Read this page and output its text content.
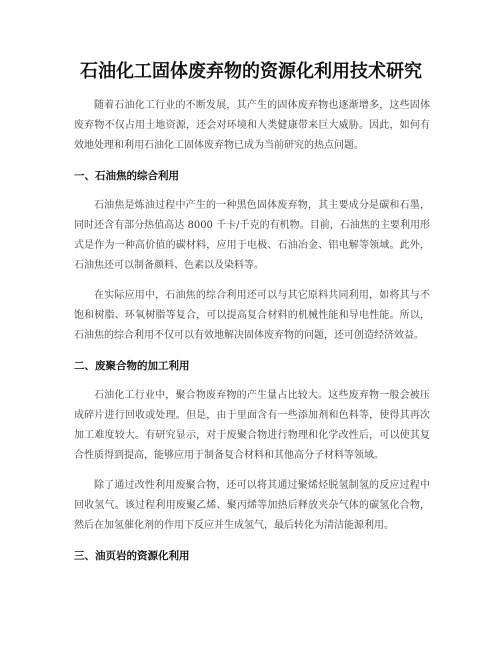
石油化工固体废弃物的资源化利用技术研究

随着石油化工行业的不断发展，其产生的固体废弃物也逐渐增多，这些固体废弃物不仅占用土地资源，还会对环境和人类健康带来巨大威胁。因此，如何有效地处理和利用石油化工固体废弃物已成为当前研究的热点问题。

一、石油焦的综合利用

石油焦是炼油过程中产生的一种黑色固体废弃物，其主要成分是碳和石墨，同时还含有部分热值高达 8000 千卡/千克的有机物。目前，石油焦的主要利用形式是作为一种高价值的碳材料，应用于电极、石油冶金、铝电解等领域。此外，石油焦还可以制备颜料、色素以及染料等。

在实际应用中，石油焦的综合利用还可以与其它原料共同利用，如将其与不饱和树脂、环氧树脂等复合，可以提高复合材料的机械性能和导电性能。所以，石油焦的综合利用不仅可以有效地解决固体废弃物的问题，还可创造经济效益。

二、废聚合物的加工利用

石油化工行业中，聚合物废弃物的产生量占比较大。这些废弃物一般会被压成碎片进行回收或处理。但是，由于里面含有一些添加剂和色料等，使得其再次加工难度较大。有研究显示，对于废聚合物进行物理和化学改性后，可以使其复合性质得到提高，能够应用于制备复合材料和其他高分子材料等领域。

除了通过改性利用废聚合物，还可以将其通过聚烯烃脱氢制氢的反应过程中回收氢气。该过程利用废聚乙烯、聚丙烯等加热后释放夹杂气体的碳氢化合物，然后在加氢催化剂的作用下反应并生成氢气，最后转化为清洁能源利用。

三、油页岩的资源化利用
